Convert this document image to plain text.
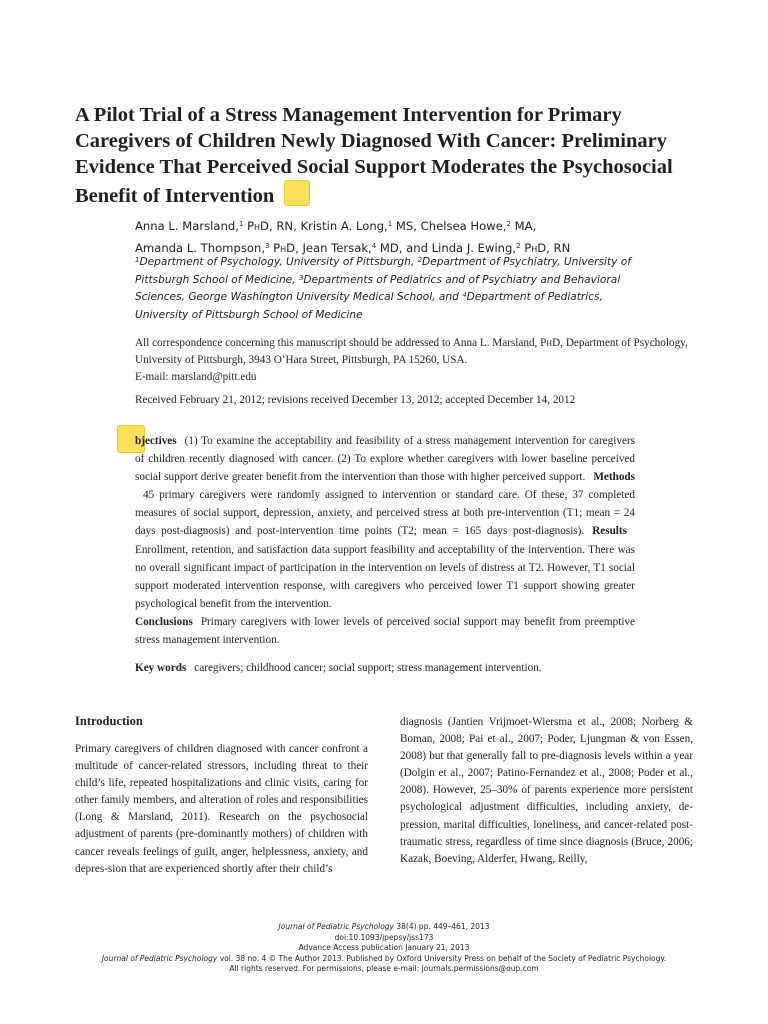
A Pilot Trial of a Stress Management Intervention for Primary Caregivers of Children Newly Diagnosed With Cancer: Preliminary Evidence That Perceived Social Support Moderates the Psychosocial Benefit of Intervention
Anna L. Marsland,$^1$ PhD, RN, Kristin A. Long,$^1$ MS, Chelsea Howe,$^2$ MA,
Amanda L. Thompson,$^3$ PhD, Jean Tersak,$^4$ MD, and Linda J. Ewing,$^2$ PhD, RN
$^1$Department of Psychology, University of Pittsburgh, $^2$Department of Psychiatry, University of Pittsburgh School of Medicine, $^3$Departments of Pediatrics and of Psychiatry and Behavioral Sciences, George Washington University Medical School, and $^4$Department of Pediatrics, University of Pittsburgh School of Medicine
All correspondence concerning this manuscript should be addressed to Anna L. Marsland, PhD, Department of Psychology, University of Pittsburgh, 3943 O’Hara Street, Pittsburgh, PA 15260, USA.
E-mail: marsland@pitt.edu
Received February 21, 2012; revisions received December 13, 2012; accepted December 14, 2012
bjectives (1) To examine the acceptability and feasibility of a stress management intervention for caregivers of children recently diagnosed with cancer. (2) To explore whether caregivers with lower baseline perceived social support derive greater benefit from the intervention than those with higher perceived support. Methods45 primary caregivers were randomly assigned to intervention or standard care. Of these, 37 completed measures of social support, depression, anxiety, and perceived stress at both pre-intervention (T1; mean = 24 days post-diagnosis) and post-intervention time points (T2; mean = 165 days post-diagnosis). ResultsEnrollment, retention, and satisfaction data support feasibility and acceptability of the intervention. There was no overall significant impact of participation in the intervention on levels of distress at T2. However, T1 social support moderated intervention response, with caregivers who perceived lower T1 support showing greater psychological benefit from the intervention.
Conclusions Primary caregivers with lower levels of perceived social support may benefit from preemptive stress management intervention.
Key words caregivers; childhood cancer; social support; stress management intervention.
Introduction

Primary caregivers of children diagnosed with cancer confront a multitude of cancer-related stressors, including threat to their child’s life, repeated hospitalizations and clinic visits, caring for other family members, and alteration of roles and responsibilities (Long & Marsland, 2011). Research on the psychosocial adjustment of parents (pre-dominantly mothers) of children with cancer reveals feelings of guilt, anger, helplessness, anxiety, and depres-sion that are experienced shortly after their child’s

diagnosis (Jantien Vrijmoet-Wiersma et al., 2008; Norberg & Boman, 2008; Pai et al., 2007; Poder, Ljungman & von Essen, 2008) but that generally fall to pre-diagnosis levels within a year (Dolgin et al., 2007; Patino-Fernandez et al., 2008; Poder et al., 2008). However, 25–30% of parents experience more persistent psychological adjustment difficulties, including anxiety, de-pression, marital difficulties, loneliness, and cancer-related post-traumatic stress, regardless of time since diagnosis (Bruce, 2006; Kazak, Boeving, Alderfer, Hwang, Reilly,

Journal of Pediatric Psychology 38(4) pp. 449–461, 2013
doi:10.1093/jpepsy/jss173
Advance Access publication January 21, 2013
Journal of Pediatric Psychology vol. 38 no. 4 © The Author 2013. Published by Oxford University Press on behalf of the Society of Pediatric Psychology.
All rights reserved. For permissions, please e-mail: journals.permissions@oup.com
